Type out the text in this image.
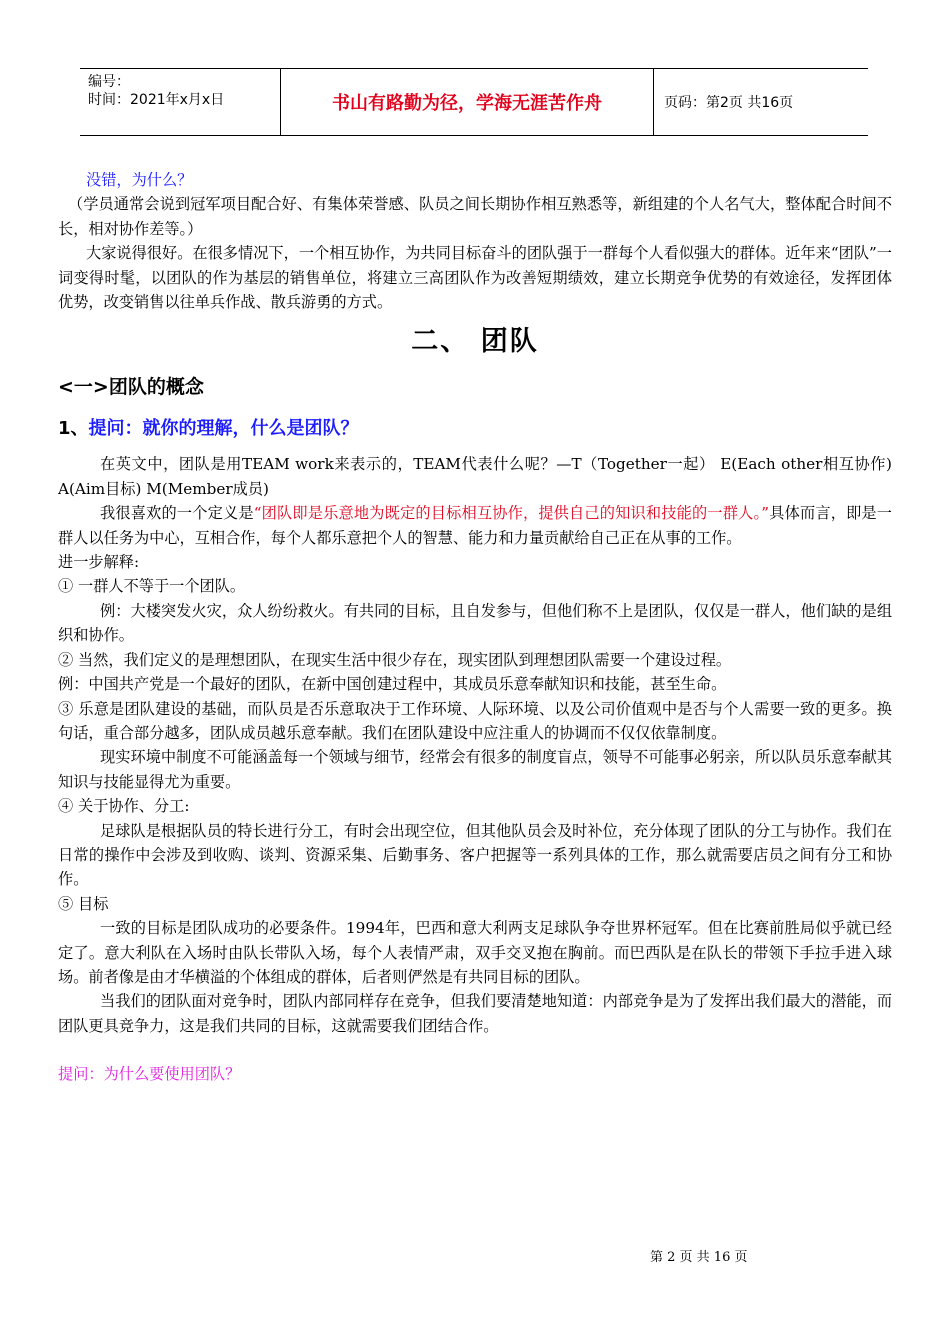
编号：
时间：2021年x月x日	书山有路勤为径，学海无涯苦作舟	页码：第2页 共16页

没错，为什么？

（学员通常会说到冠军项目配合好、有集体荣誉感、队员之间长期协作相互熟悉等，新组建的个人名气大，整体配合时间不长，相对协作差等。）

大家说得很好。在很多情况下，一个相互协作，为共同目标奋斗的团队强于一群每个人看似强大的群体。近年来“团队”一词变得时髦，以团队的作为基层的销售单位，将建立三高团队作为改善短期绩效，建立长期竞争优势的有效途径，发挥团体优势，改变销售以往单兵作战、散兵游勇的方式。

二、 团队
<一>团队的概念
1、提问：就你的理解，什么是团队？

在英文中，团队是用TEAM work来表示的，TEAM代表什么呢？—T（Together一起） E(Each other相互协作) A(Aim目标) M(Member成员)

我很喜欢的一个定义是“团队即是乐意地为既定的目标相互协作，提供自己的知识和技能的一群人。”具体而言，即是一群人以任务为中心，互相合作，每个人都乐意把个人的智慧、能力和力量贡献给自己正在从事的工作。

进一步解释:

① 一群人不等于一个团队。

例：大楼突发火灾，众人纷纷救火。有共同的目标，且自发参与，但他们称不上是团队，仅仅是一群人，他们缺的是组织和协作。

② 当然，我们定义的是理想团队，在现实生活中很少存在，现实团队到理想团队需要一个建设过程。

例：中国共产党是一个最好的团队，在新中国创建过程中，其成员乐意奉献知识和技能，甚至生命。

③ 乐意是团队建设的基础，而队员是否乐意取决于工作环境、人际环境、以及公司价值观中是否与个人需要一致的更多。换句话，重合部分越多，团队成员越乐意奉献。我们在团队建设中应注重人的协调而不仅仅依靠制度。

现实环境中制度不可能涵盖每一个领域与细节，经常会有很多的制度盲点，领导不可能事必躬亲，所以队员乐意奉献其知识与技能显得尤为重要。

④ 关于协作、分工:

足球队是根据队员的特长进行分工，有时会出现空位，但其他队员会及时补位，充分体现了团队的分工与协作。我们在日常的操作中会涉及到收购、谈判、资源采集、后勤事务、客户把握等一系列具体的工作，那么就需要店员之间有分工和协作。

⑤ 目标

一致的目标是团队成功的必要条件。1994年，巴西和意大利两支足球队争夺世界杯冠军。但在比赛前胜局似乎就已经定了。意大利队在入场时由队长带队入场，每个人表情严肃，双手交叉抱在胸前。而巴西队是在队长的带领下手拉手进入球场。前者像是由才华横溢的个体组成的群体，后者则俨然是有共同目标的团队。

当我们的团队面对竞争时，团队内部同样存在竞争，但我们要清楚地知道：内部竞争是为了发挥出我们最大的潜能，而团队更具竞争力，这是我们共同的目标，这就需要我们团结合作。

提问：为什么要使用团队？

第 2 页 共 16 页
